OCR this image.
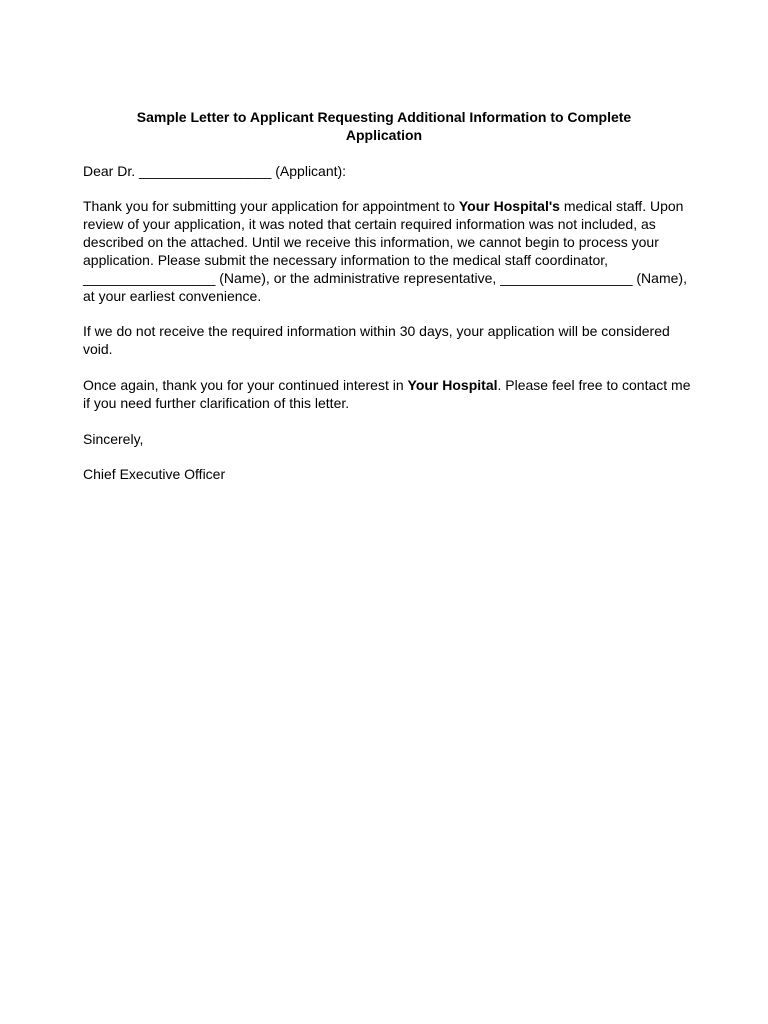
Sample Letter to Applicant Requesting Additional Information to Complete
Application

Dear Dr. _________________ (Applicant):

Thank you for submitting your application for appointment to Your Hospital's medical staff. Upon review of your application, it was noted that certain required information was not included, as described on the attached. Until we receive this information, we cannot begin to process your application. Please submit the necessary information to the medical staff coordinator, _________________ (Name), or the administrative representative, _________________ (Name), at your earliest convenience.

If we do not receive the required information within 30 days, your application will be considered void.

Once again, thank you for your continued interest in Your Hospital. Please feel free to contact me if you need further clarification of this letter.

Sincerely,

Chief Executive Officer
